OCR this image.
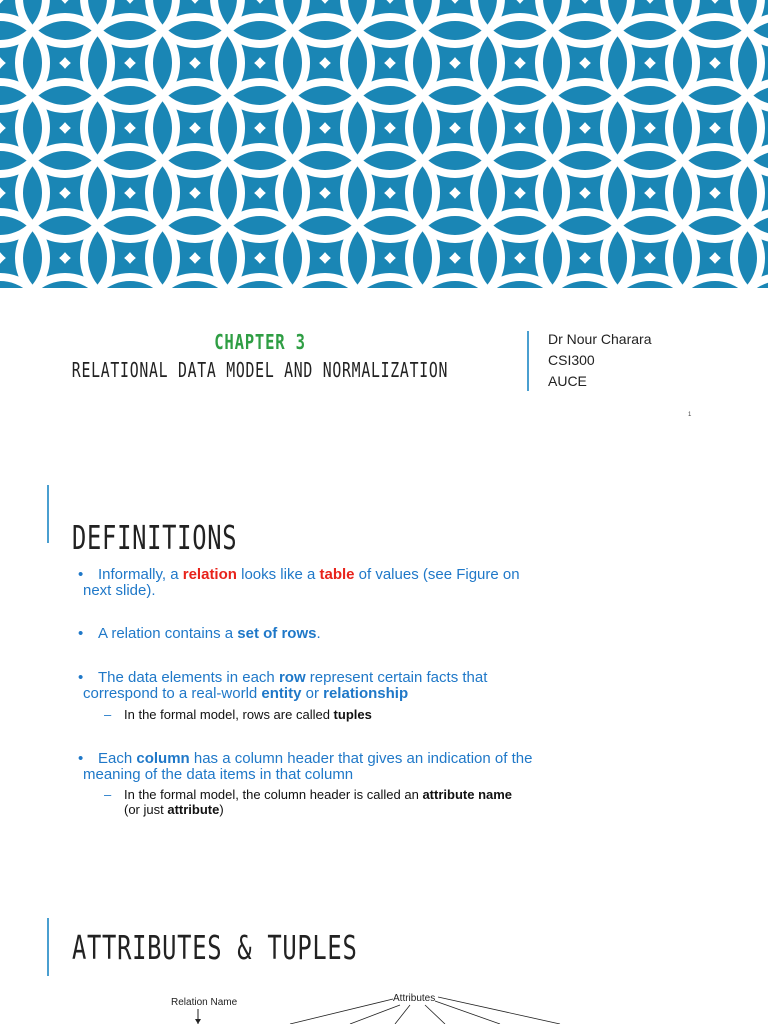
CHAPTER 3
RELATIONAL DATA MODEL AND NORMALIZATION
Dr Nour Charara
CSI300
AUCE
1
DEFINITIONS
• Informally, a relation looks like a table of values (see Figure on
next slide).
• A relation contains a set of rows.
• The data elements in each row represent certain facts that
correspond to a real-world entity or relationship
– In the formal model, rows are called tuples
• Each column has a column header that gives an indication of the
meaning of the data items in that column
– In the formal model, the column header is called an attribute name
(or just attribute)
ATTRIBUTES & TUPLES
Relation Name	Attributes
